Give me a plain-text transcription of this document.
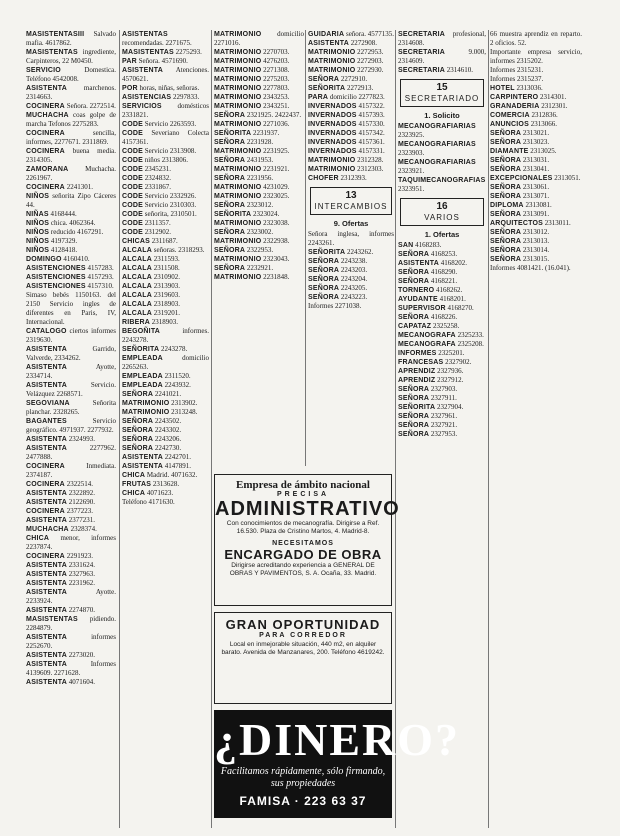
MASISTENTASIII Salvado mafia. 4617862.

MASISTENTAS ingrediente, Carpinteros, 22 M0450.

SERVICIO	Domestica. Teléfono 4542008.

ASISTENTA marchenos. 2314663.

COCINERA Señora. 2272514.

MUCHACHA coas golpe de marcha Tefonos 2275283.

COCINERA	sencilla, informes, 2277671. 2311869.

COCINERA buena media. 2314305.

ZAMORANA Muchacha. 2261967.

COCINERA 2241301.

NIÑOS señorita Zipo Cáceres 44.

NIÑAS 4168444.

NIÑOS chica. 4062364.

NIÑOS reducido 4167291.

NIÑOS 4197329.

NIÑOS 4128418.

DOMINGO 4160410.

ASISTENCIONES 4157283.

ASISTENCIONES 4157293.

ASISTENCIONES 4157310.

Simaso bebés 1150163. del 2150 Servicio ingles de diferentes en Paris, IV, Internacional.

CATALOGO ciertos informes 2319630.

ASISTENTA	Garrido, Valverde, 2334262.

ASISTENTA	Ayotte, 2334714.

ASISTENTA	Servicio. Velázquez 2268571.

SEGOVIANA	Señorita planchar. 2328265.

BAGANTES	Servicio geográfico. 4971937. 2277932.

ASISTENTA 2324993.

ASISTENTA	2277962. 2477888.

COCINERA	Inmediata. 2374187.

COCINERA 2322514.

ASISTENTA 2322892.

ASISTENTA 2122690.

COCINERA 2377223.

ASISTENTA 2377231.

MUCHACHA 2328374.

CHICA menor, informes 2237874.

COCINERA 2291923.

ASISTENTA 2331624.

ASISTENTA 2327963.

ASISTENTA 2231962.

ASISTENTA	Ayotte. 2233924.

ASISTENTA 2274870.

MASISTENTAS pidiendo. 2284879.

ASISTENTA	informes 2252670.

ASISTENTA 2273020.

ASISTENTA	Informes 4139609. 2271628.

ASISTENTA 4071604.

ASISTENTAS recomendadas. 2271675.

MASISTENTAS 2275293.

PAR Señora. 4571690.

ASISTENTA Atenciones. 4570621.

POR horas, niñas, señoras.

ASISTENCIAS 2297833.

SERVICIOS domésticos 2331821.

CODE Servicio 2263593.

CODE Severiano Colecta 4157361.

CODE Servicio 2313908.

CODE niños 2313806.

CODE 2345231.

CODE 2324832.

CODE 2331867.

CODE Servicio 2332926.

CODE Servicio 2310303.

CODE señorita, 2310501.

CODE 2311357.

CODE 2312902.

CHICAS 2311687.

ALCALA señoras. 2318293.

ALCALA 2311593.

ALCALA 2311508.

ALCALA 2310902.

ALCALA 2313903.

ALCALA 2319603.

ALCALA 2318903.

ALCALA 2319201.

RIBERA 2318903.

BEGOÑITA	informes. 2243278.

SEÑORITA 2243278.

EMPLEADA	domicilio 2265263.

EMPLEADA 2311520.

EMPLEADA 2243932.

SEÑORA 2241021.

MATRIMONIO 2313902.

MATRIMONIO 2313248.

SEÑORA 2243502.

SEÑORA 2243302.

SEÑORA 2243206.

SEÑORA 2242730.

ASISTENTA 2242701.

ASISTENTA 4147891.

CHICA Madrid. 4071632.

FRUTAS 2313628.

CHICA 4071623.

Teléfono 4171630.

MATRIMONIO domicilio 2271016.

MATRIMONIO 2270703.

MATRIMONIO 4276203.

MATRIMONIO 2271308.

MATRIMONIO 2275203.

MATRIMONIO 2277803.

MATRIMONIO 2343253.

MATRIMONIO 2343251.

SEÑORA 2321925. 2422437.

MATRIMONIO 2271036.

SEÑORITA 2231937.

SEÑORA 2231928.

MATRIMONIO 2231925.

SEÑORA 2431953.

MATRIMONIO 2231921.

SEÑORA 2231956.

MATRIMONIO 4231029.

MATRIMONIO 2323025.

SEÑORA 2323012.

SEÑORITA 2323024.

MATRIMONIO 2323038.

SEÑORA 2323002.

MATRIMONIO 2322938.

SEÑORA 2322953.

MATRIMONIO 2323043.

SEÑORA 2232921.

MATRIMONIO 2231848.

GUIDARIA señora. 4577135.

ASISTENTA 2272908.

MATRIMONIO 2272953.

MATRIMONIO 2272903.

MATRIMONIO 2272930.

SEÑORA 2272910.

SEÑORITA 2272913.

PARA domicilio 2277823.

INVERNADOS 4157322.

INVERNADOS 4157393.

INVERNADOS 4157330.

INVERNADOS 4157342.

INVERNADOS 4157361.

INVERNADOS 4157331.

MATRIMONIO 2312328.

MATRIMONIO 2312303.

CHOFER 2312393.

13
INTERCAMBIOS
9. Ofertas

Señora inglesa, informes 2243261.

SEÑORITA 2243262.

SEÑORA 2243238.

SEÑORA 2243203.

SEÑORA 2243204.

SEÑORA 2243205.

SEÑORA 2243223.

Informes 2271038.

SECRETARIA profesional, 2314608.

SECRETARIA	9.000, 2314609.

SECRETARIA 2314610.

15
SECRETARIADO
1. Solicito

MECANOGRAFIARIAS 2323925.

MECANOGRAFIARIAS 2323903.

MECANOGRAFIARIAS 2323921.

TAQUIMECANOGRAFIAS 2323951.

16
VARIOS
1. Ofertas

SAN 4168283.

SEÑORA 4168253.

ASISTENTA 4168202.

SEÑORA 4168290.

SEÑORA 4168221.

TORNERO 4168262.

AYUDANTE 4168201.

SUPERVISOR 4168270.

SEÑORA 4168226.

CAPATAZ 2325258.

MECANOGRAFA 2325233.

MECANOGRAFA 2325208.

INFORMES 2325201.

FRANCESAS 2327902.

APRENDIZ 2327936.

APRENDIZ 2327912.

SEÑORA 2327903.

SEÑORA 2327911.

SEÑORITA 2327904.

SEÑORA 2327961.

SEÑORA 2327921.

SEÑORA 2327953.

66 muestra aprendiz en reparto. 2 oficios. 52.

Importante empresa servicio, informes 2315202.

Informes 2315231.

Informes 2315237.

HOTEL 2313036.

CARPINTERO 2314301.

GRANADERIA 2312301.

COMERCIA 2312836.

ANUNCIOS 2313066.

SEÑORA 2313021.

SEÑORA 2313023.

DIAMANTE 2313025.

SEÑORA 2313031.

SEÑORA 2313041.

EXCEPCIONALES 2313051.

SEÑORA 2313061.

SEÑORA 2313071.

DIPLOMA 2313081.

SEÑORA 2313091.

ARQUITECTOS 2313011.

SEÑORA 2313012.

SEÑORA 2313013.

SEÑORA 2313014.

SEÑORA 2313015.

Informes 4081421. (16.041).

Empresa de ámbito nacional
PRECISA
ADMINISTRATIVO
Con conocimientos de mecanografía. Dirigirse a Ref. 16.530. Plaza de Cristino Martos, 4. Madrid-8.
NECESITAMOS
ENCARGADO DE OBRA
Dirigirse acreditando experiencia a GENERAL DE OBRAS Y PAVIMENTOS, S. A. Ocaña, 33. Madrid.
GRAN OPORTUNIDAD
PARA CORREDOR
Local en inmejorable situación, 440 m2, en alquiler barato. Avenida de Manzanares, 200. Teléfono 4619242.
¿DINERO?
Facilitamos rápidamente, sólo firmando, sus propiedades
FAMISA · 223 63 37
